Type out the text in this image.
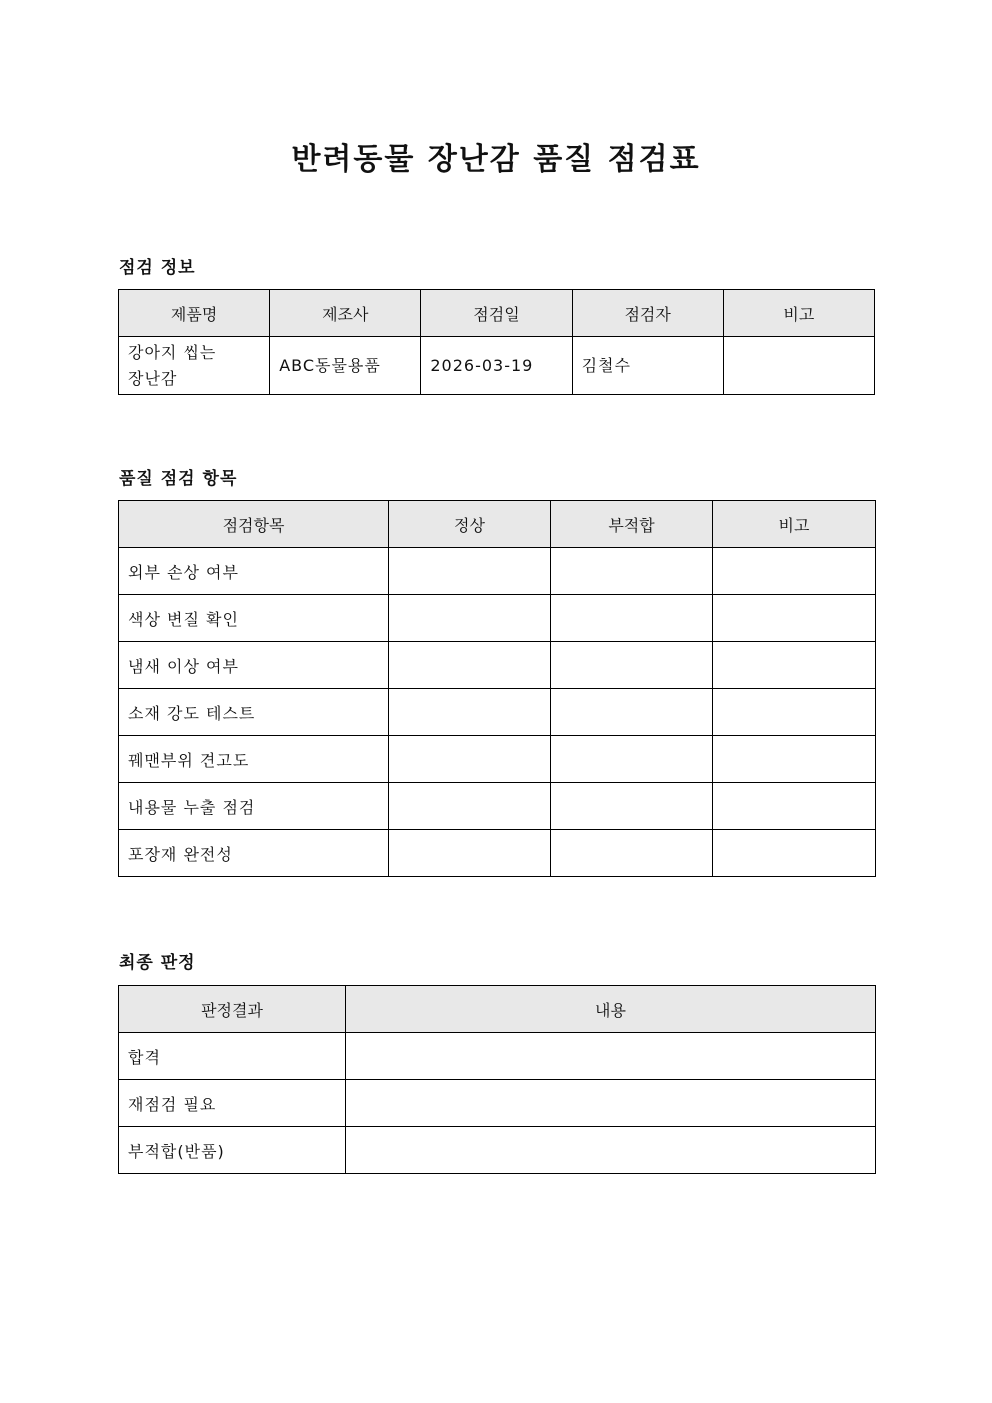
반려동물 장난감 품질 점검표
점검 정보
제품명	제조사	점검일	점검자	비고
강아지 씹는
장난감	ABC동물용품	2026-03-19	김철수	
품질 점검 항목
점검항목	정상	부적합	비고
외부 손상 여부			
색상 변질 확인			
냄새 이상 여부			
소재 강도 테스트			
꿰맨부위 견고도			
내용물 누출 점검			
포장재 완전성			
최종 판정
판정결과	내용
합격	
재점검 필요	
부적합(반품)	
